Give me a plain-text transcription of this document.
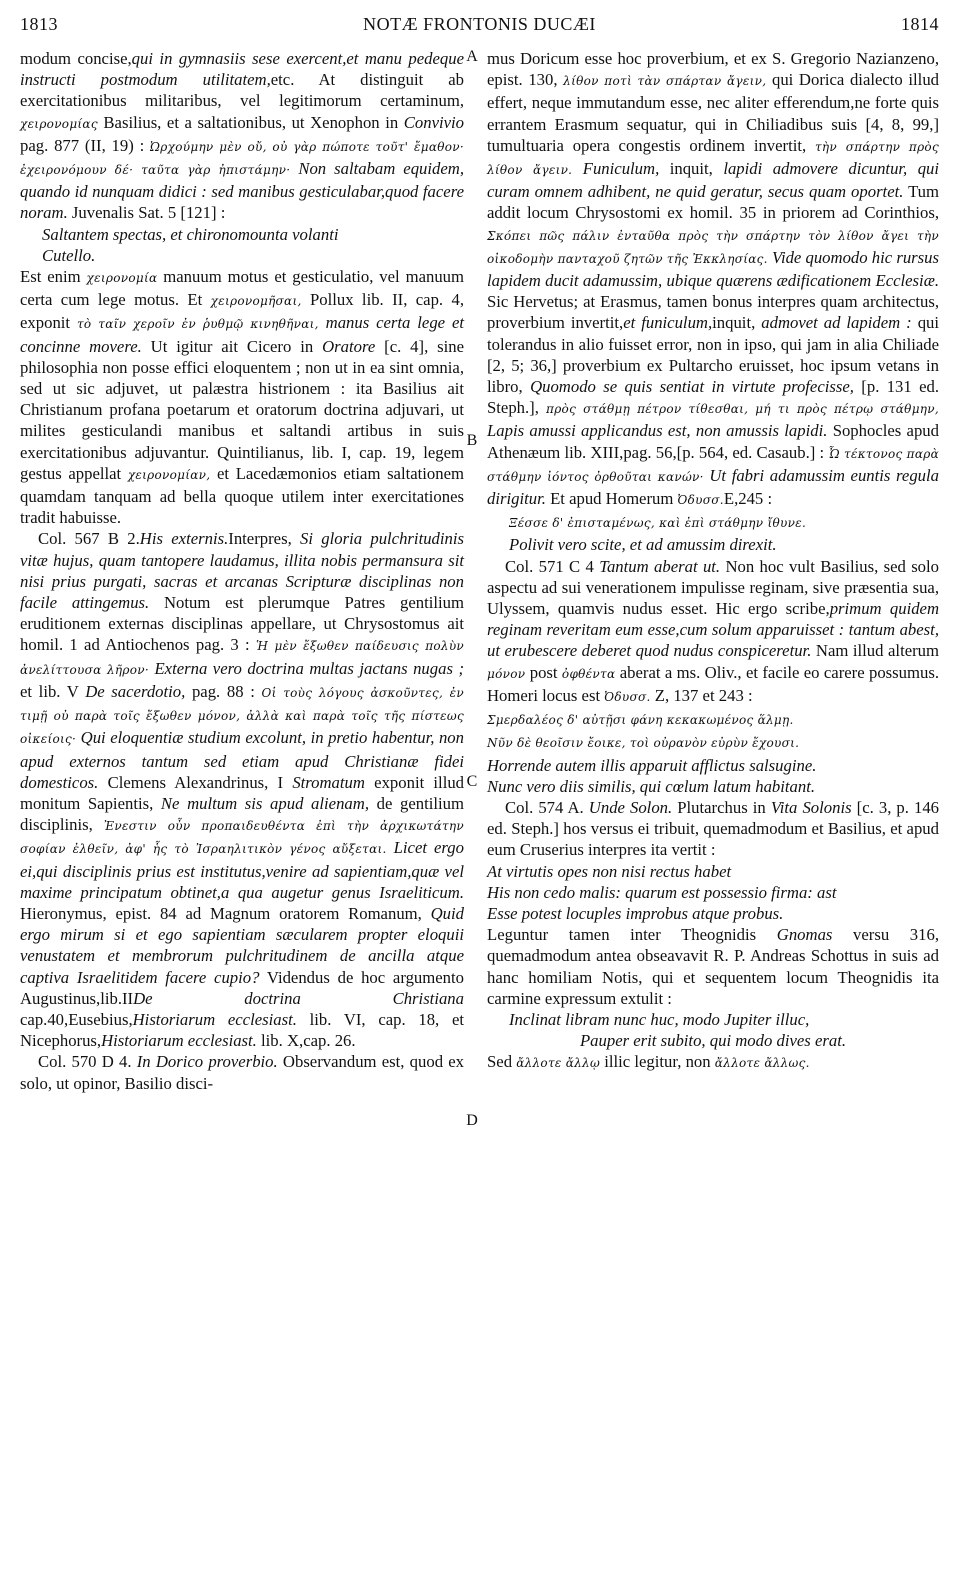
1813	NOTÆ FRONTONIS DUCÆI	1814
A
B
C
D

modum concise,qui in gymnasiis sese exercent,et manu pedeque instructi postmodum utilitatem,etc. At distinguit ab exercitationibus militaribus, vel legitimorum certaminum, χειρονομίας Basilius, et a saltationibus, ut Xenophon in Convivio pag. 877 (II, 19) : Ὠρχούμην μὲν οὔ, οὐ γὰρ πώποτε τοῦτ' ἔμαθον· ἐχειρονόμουν δέ· ταῦτα γὰρ ἠπιστάμην· Non saltabam equidem, quando id nunquam didici : sed manibus gesticulabar,quod facere noram. Juvenalis Sat. 5 [121] :

Saltantem spectas, et chironomounta volanti

Cutello.

Est enim χειρονομία manuum motus et gesticulatio, vel manuum certa cum lege motus. Et χειρονομῆσαι, Pollux lib. II, cap. 4, exponit τὸ ταῖν χεροῖν ἐν ῥυθμῷ κινηθῆναι, manus certa lege et concinne movere. Ut igitur ait Cicero in Oratore [c. 4], sine philosophia non posse effici eloquentem ; non ut in ea sint omnia, sed ut sic adjuvet, ut palæstra histrionem : ita Basilius ait Christianum profana poetarum et oratorum doctrina adjuvari, ut milites gesticulandi manibus et saltandi artibus in suis exercitationibus adjuvantur. Quintilianus, lib. I, cap. 19, legem gestus appellat χειρονομίαν, et Lacedæmonios etiam saltationem quamdam tanquam ad bella quoque utilem inter exercitationes tradit habuisse.

Col. 567 B 2.His externis.Interpres, Si gloria pulchritudinis vitæ hujus, quam tantopere laudamus, illita nobis permansura sit nisi prius purgati, sacras et arcanas Scripturæ disciplinas non facile attingemus. Notum est plerumque Patres gentilium eruditionem externas disciplinas appellare, ut Chrysostomus ait homil. 1 ad Antiochenos pag. 3 : Ἡ μὲν ἔξωθεν παίδευσις πολὺν ἀνελίττουσα λῆρον· Externa vero doctrina multas jactans nugas ; et lib. V De sacerdotio, pag. 88 : Οἱ τοὺς λόγους ἀσκοῦντες, ἐν τιμῇ οὐ παρὰ τοῖς ἔξωθεν μόνον, ἀλλὰ καὶ παρὰ τοῖς τῆς πίστεως οἰκείοις· Qui eloquentiæ studium excolunt, in pretio habentur, non apud externos tantum sed etiam apud Christianæ fidei domesticos. Clemens Alexandrinus, I Stromatum exponit illud monitum Sapientis, Ne multum sis apud alienam, de gentilium disciplinis, Ἐνεστιν οὖν προπαιδευθέντα ἐπὶ τὴν ἀρχικωτάτην σοφίαν ἐλθεῖν, ἀφ' ἧς τὸ Ἰσραηλιτικὸν γένος αὔξεται. Licet ergo ei,qui disciplinis prius est institutus,venire ad sapientiam,quæ vel maxime principatum obtinet,a qua augetur genus Israeliticum. Hieronymus, epist. 84 ad Magnum oratorem Romanum, Quid ergo mirum si et ego sapientiam sæcularem propter eloquii venustatem et membrorum pulchritudinem de ancilla atque captiva Israelitidem facere cupio? Videndus de hoc argumento Augustinus,lib.IIDe doctrina Christiana cap.40,Eusebius,Historiarum ecclesiast. lib. VI, cap. 18, et Nicephorus,Historiarum ecclesiast. lib. X,cap. 26.

Col. 570 D 4. In Dorico proverbio. Observandum est, quod ex solo, ut opinor, Basilio disci-

mus Doricum esse hoc proverbium, et ex S. Gregorio Nazianzeno, epist. 130, λίθον ποτὶ τὰν σπάρταν ἄγειν, qui Dorica dialecto illud effert, neque immutandum esse, nec aliter efferendum,ne forte quis errantem Erasmum sequatur, qui in Chiliadibus suis [4, 8, 99,] tumultuaria opera congestis ordinem invertit, τὴν σπάρτην πρὸς λίθον ἄγειν. Funiculum, inquit, lapidi admovere dicuntur, qui curam omnem adhibent, ne quid geratur, secus quam oportet. Tum addit locum Chrysostomi ex homil. 35 in priorem ad Corinthios, Σκόπει πῶς πάλιν ἐνταῦθα πρὸς τὴν σπάρτην τὸν λίθον ἄγει τὴν οἰκοδομὴν πανταχοῦ ζητῶν τῆς Ἐκκλησίας. Vide quomodo hic rursus lapidem ducit adamussim, ubique quærens ædificationem Ecclesiæ. Sic Hervetus; at Erasmus, tamen bonus interpres quam architectus, proverbium invertit,et funiculum,inquit, admovet ad lapidem : qui tolerandus in alio fuisset error, non in ipso, qui jam in alia Chiliade [2, 5; 36,] proverbium ex Pultarcho eruisset, hoc ipsum vetans in libro, Quomodo se quis sentiat in virtute profecisse, [p. 131 ed. Steph.], πρὸς στάθμῃ πέτρον τίθεσθαι, μή τι πρὸς πέτρῳ στάθμην, Lapis amussi applicandus est, non amussis lapidi. Sophocles apud Athenæum lib. XIII,pag. 56,[p. 564, ed. Casaub.] : Ὦ τέκτονος παρὰ στάθμην ἰόντος ὀρθοῦται κανών· Ut fabri adamussim euntis regula dirigitur. Et apud Homerum Ὀδυσσ.E,245 :

Ξέσσε δ' ἐπισταμένως, καὶ ἐπὶ στάθμην ἴθυνε.

Polivit vero scite, et ad amussim direxit.

Col. 571 C 4 Tantum aberat ut. Non hoc vult Basilius, sed solo aspectu ad sui venerationem impulisse reginam, sive præsentia sua, Ulyssem, quamvis nudus esset. Hic ergo scribe,primum quidem reginam reveritam eum esse,cum solum apparuisset : tantum abest, ut erubescere deberet quod nudus conspiceretur. Nam illud alterum μόνον post ὀφθέντα aberat a ms. Oliv., et facile eo carere possumus. Homeri locus est Ὀδυσσ. Z, 137 et 243 :

Σμερδαλέος δ' αὐτῇσι φάνη κεκακωμένος ἅλμῃ.

Νῦν δὲ θεοῖσιν ἔοικε, τοὶ οὐρανὸν εὐρὺν ἔχουσι.

Horrende autem illis apparuit afflictus salsugine.

Nunc vero diis similis, qui cœlum latum habitant.

Col. 574 A. Unde Solon. Plutarchus in Vita Solonis [c. 3, p. 146 ed. Steph.] hos versus ei tribuit, quemadmodum et Basilius, et apud eum Cruserius interpres ita vertit :

At virtutis opes non nisi rectus habet

His non cedo malis: quarum est possessio firma: ast

Esse potest locuples improbus atque probus.

Leguntur tamen inter Theognidis Gnomas versu 316, quemadmodum antea obseavavit R. P. Andreas Schottus in suis ad hanc homiliam Notis, qui et sequentem locum Theognidis ita carmine expressum extulit :

Inclinat libram nunc huc, modo Jupiter illuc,

Pauper erit subito, qui modo dives erat.

Sed ἄλλοτε ἄλλῳ illic legitur, non ἄλλοτε ἄλλως.
